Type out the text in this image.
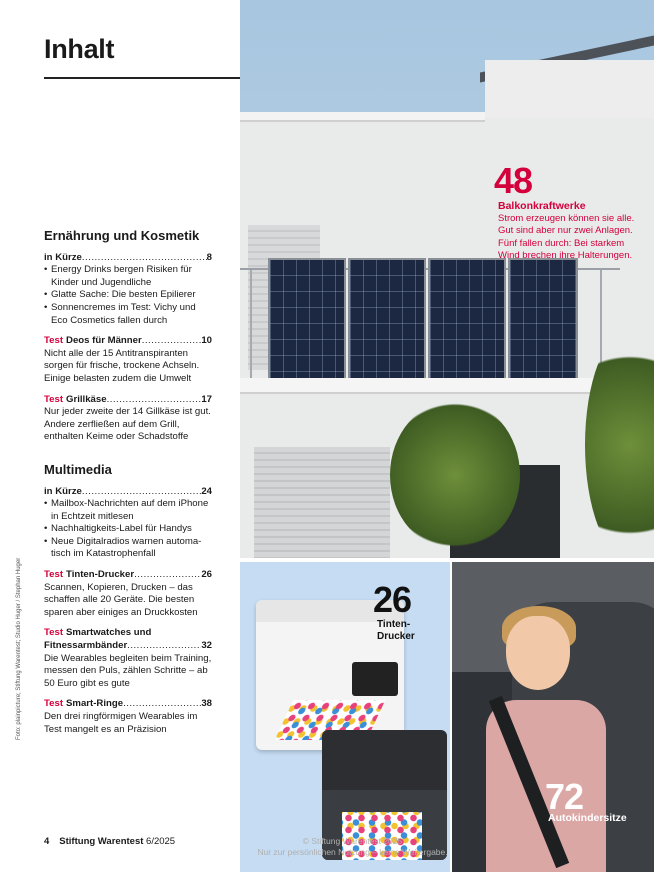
Inhalt
Ernährung und Kosmetik
in Kürze .....	8
• Energy Drinks bergen Risiken für Kinder und Jugendliche
• Glatte Sache: Die besten Epilierer
• Sonnencremes im Test: Vichy und Eco Cosmetics fallen durch
Test Deos für Männer .....	10
Nicht alle der 15 Antitranspiranten sorgen für frische, trockene Achseln. Einige belasten zudem die Umwelt
Test Grillkäse .....	17
Nur jeder zweite der 14 Gillkäse ist gut. Andere zerfließen auf dem Grill, enthalten Keime oder Schadstoffe
Multimedia
in Kürze .....	24
• Mailbox-Nachrichten auf dem iPhone in Echtzeit mitlesen
• Nachhaltigkeits-Label für Handys
• Neue Digitalradios warnen automa-tisch im Katastrophenfall
Test Tinten-Drucker .....	26
Scannen, Kopieren, Drucken – das schaffen alle 20 Geräte. Die besten sparen aber einiges an Druckkosten
Test Smartwatches und
Fitnessarmbänder .....	32
Die Wearables begleiten beim Training, messen den Puls, zählen Schritte – ab 50 Euro gibt es gute
Test Smart-Ringe .....	38
Den drei ringförmigen Wearables im Test mangelt es an Präzision
Foto: plainpicture; Stiftung Warentest; Studio Huger / Stephan Huger
48
Balkonkraftwerke
Strom erzeugen können sie alle. Gut sind aber nur zwei Anlagen. Fünf fallen durch: Bei starkem Wind brechen ihre Halterungen.
26
Tinten-Drucker
72
Autokindersitze
4 Stiftung Warentest 6/2025	© Stiftung Warentest 2025
Nur zur persönlichen Nutzung – keine Weitergabe.
